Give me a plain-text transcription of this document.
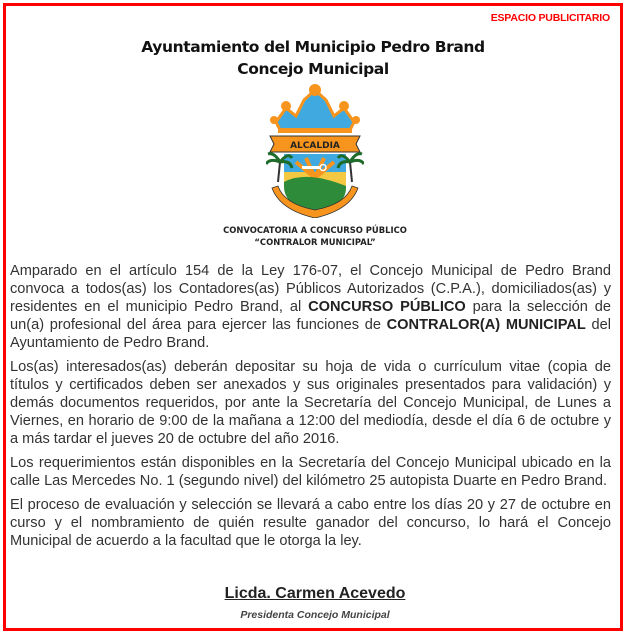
ESPACIO PUBLICITARIO
Ayuntamiento del Municipio Pedro Brand
Concejo Municipal
ALCALDIA
CONVOCATORIA A CONCURSO PÚBLICO
“CONTRALOR MUNICIPAL”

Amparado en el artículo 154 de la Ley 176-07, el Concejo Municipal de Pedro Brand convoca a todos(as) los Contadores(as) Públicos Autorizados (C.P.A.), domiciliados(as) y residentes en el municipio Pedro Brand, al CONCURSO PÚBLICO para la selección de un(a) profesional del área para ejercer las funciones de CONTRALOR(A) MUNICIPAL del Ayuntamiento de Pedro Brand.

Los(as) interesados(as) deberán depositar su hoja de vida o currículum vitae (copia de títulos y certificados deben ser anexados y sus originales presentados para validación) y demás documentos requeridos, por ante la Secretaría del Concejo Municipal, de Lunes a Viernes, en horario de 9:00 de la mañana a 12:00 del mediodía, desde el día 6 de octubre y a más tardar el jueves 20 de octubre del año 2016.

Los requerimientos están disponibles en la Secretaría del Concejo Municipal ubicado en la calle Las Mercedes No. 1 (segundo nivel) del kilómetro 25 autopista Duarte en Pedro Brand.

El proceso de evaluación y selección se llevará a cabo entre los días 20 y 27 de octubre en curso y el nombramiento de quién resulte ganador del concurso, lo hará el Concejo Municipal de acuerdo a la facultad que le otorga la ley.

Licda. Carmen Acevedo
Presidenta Concejo Municipal
